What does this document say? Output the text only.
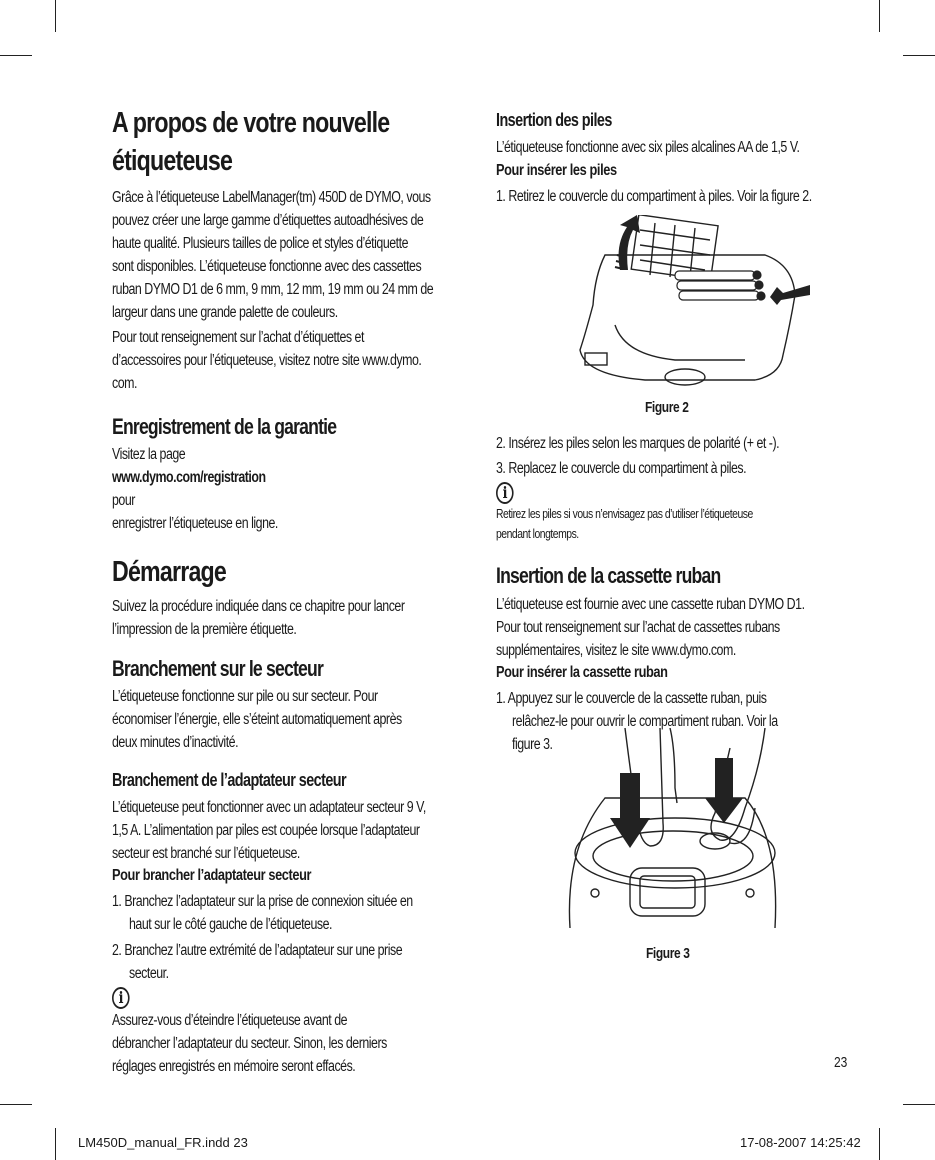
A propos de votre nouvelle
étiqueteuse

Grâce à l’étiqueteuse LabelManager(tm) 450D de DYMO, vous
pouvez créer une large gamme d’étiquettes autoadhésives de
haute qualité. Plusieurs tailles de police et styles d’étiquette
sont disponibles. L’étiqueteuse fonctionne avec des cassettes
ruban DYMO D1 de 6 mm, 9 mm, 12 mm, 19 mm ou 24 mm de
largeur dans une grande palette de couleurs.

Pour tout renseignement sur l’achat d’étiquettes et
d’accessoires pour l’étiqueteuse, visitez notre site www.dymo.
com.

Enregistrement de la garantie

Visitez la page
www.dymo.com/registration
pour
enregistrer l’étiqueteuse en ligne.

Démarrage

Suivez la procédure indiquée dans ce chapitre pour lancer
l’impression de la première étiquette.

Branchement sur le secteur

L’étiqueteuse fonctionne sur pile ou sur secteur. Pour
économiser l’énergie, elle s’éteint automatiquement après
deux minutes d’inactivité.

Branchement de l’adaptateur secteur

L’étiqueteuse peut fonctionner avec un adaptateur secteur 9 V,
1,5 A. L’alimentation par piles est coupée lorsque l’adaptateur
secteur est branché sur l’étiqueteuse.

Pour brancher l’adaptateur secteur

1. Branchez l’adaptateur sur la prise de connexion située en
haut sur le côté gauche de l’étiqueteuse.

2. Branchez l’autre extrémité de l’adaptateur sur une prise
secteur.

i
Assurez-vous d’éteindre l’étiqueteuse avant de
débrancher l’adaptateur du secteur. Sinon, les derniers
réglages enregistrés en mémoire seront effacés.

Insertion des piles

L’étiqueteuse fonctionne avec six piles alcalines AA de 1,5 V.

Pour insérer les piles

1. Retirez le couvercle du compartiment à piles. Voir la figure 2.

Figure 2

2. Insérez les piles selon les marques de polarité (+ et -).

3. Replacez le couvercle du compartiment à piles.

i
Retirez les piles si vous n’envisagez pas d’utiliser l’étiqueteuse
pendant longtemps.

Insertion de la cassette ruban

L’étiqueteuse est fournie avec une cassette ruban DYMO D1.
Pour tout renseignement sur l’achat de cassettes rubans
supplémentaires, visitez le site www.dymo.com.

Pour insérer la cassette ruban

1. Appuyez sur le couvercle de la cassette ruban, puis
relâchez-le pour ouvrir le compartiment ruban. Voir la
figure 3.

Figure 3
23
LM450D_manual_FR.indd 23	17-08-2007 14:25:42
